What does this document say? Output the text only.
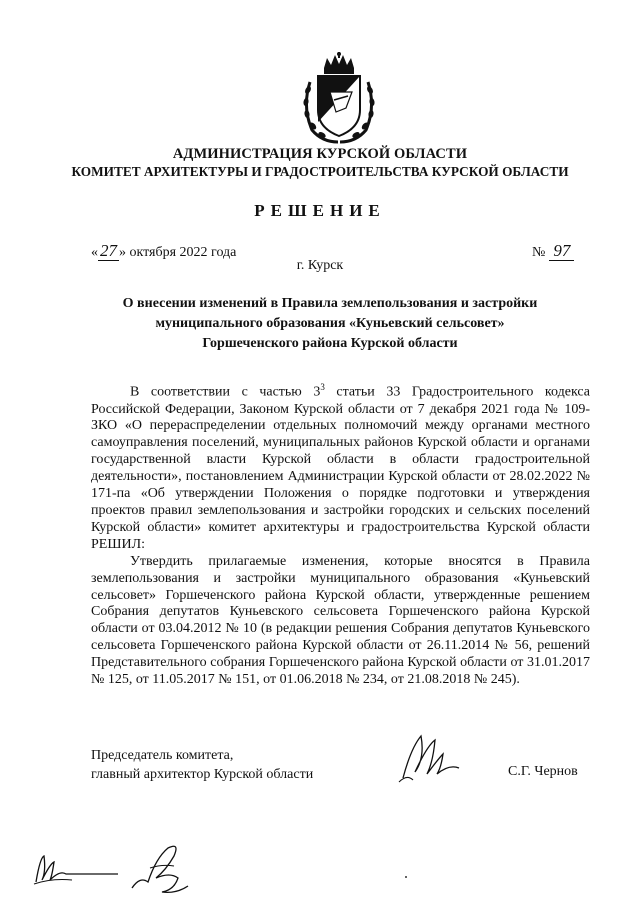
АДМИНИСТРАЦИЯ КУРСКОЙ ОБЛАСТИ
КОМИТЕТ АРХИТЕКТУРЫ И ГРАДОСТРОИТЕЛЬСТВА КУРСКОЙ ОБЛАСТИ
РЕШЕНИЕ
« 27 » октября 2022 года	№ 97
г. Курск
О внесении изменений в Правила землепользования и застройки
муниципального образования «Куньевский сельсовет»
Горшеченского района Курской области

В соответствии с частью $3^3$ статьи 33 Градостроительного кодекса Российской Федерации, Законом Курской области от 7 декабря 2021 года № 109-ЗКО «О перераспределении отдельных полномочий между органами местного самоуправления поселений, муниципальных районов Курской области и органами государственной власти Курской области в области градостроительной деятельности», постановлением Администрации Курской области от 28.02.2022 № 171-па «Об утверждении Положения о порядке подготовки и утверждения проектов правил землепользования и застройки городских и сельских поселений Курской области» комитет архитектуры и градостроительства Курской области РЕШИЛ:

Утвердить прилагаемые изменения, которые вносятся в Правила землепользования и застройки муниципального образования «Куньевский сельсовет» Горшеченского района Курской области, утвержденные решением Собрания депутатов Куньевского сельсовета Горшеченского района Курской области от 03.04.2012 № 10 (в редакции решения Собрания депутатов Куньевского сельсовета Горшеченского района Курской области от 26.11.2014 № 56, решений Представительного собрания Горшеченского района Курской области от 31.01.2017 № 125, от 11.05.2017 № 151, от 01.06.2018 № 234, от 21.08.2018 № 245).

Председатель комитета,
главный архитектор Курской области	С.Г. Чернов
